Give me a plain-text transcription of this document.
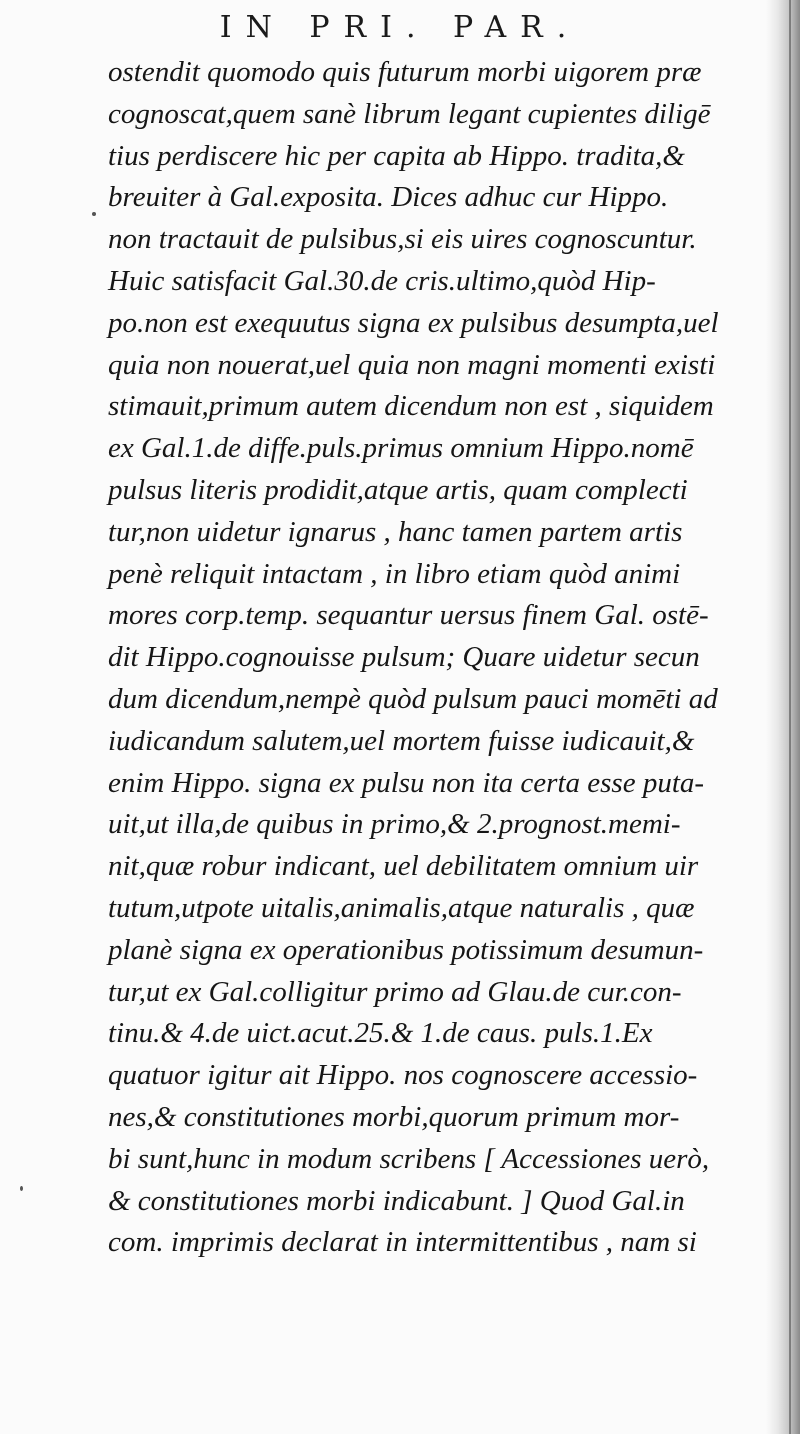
IN PRI. PAR.
ostendit quomodo quis futurum morbi uigorem præ
cognoscat,quem sanè librum legant cupientes diligē
tius perdiscere hic per capita ab Hippo. tradita,&
breuiter à Gal.exposita. Dices adhuc cur Hippo.
non tractauit de pulsibus,si eis uires cognoscuntur.
Huic satisfacit Gal.30.de cris.ultimo,quòd Hip-
po.non est exequutus signa ex pulsibus desumpta,uel
quia non nouerat,uel quia non magni momenti existi
stimauit,primum autem dicendum non est , siquidem
ex Gal.1.de diffe.puls.primus omnium Hippo.nomē
pulsus literis prodidit,atque artis, quam complecti
tur,non uidetur ignarus , hanc tamen partem artis
penè reliquit intactam , in libro etiam quòd animi
mores corp.temp. sequantur uersus finem Gal. ostē-
dit Hippo.cognouisse pulsum; Quare uidetur secun
dum dicendum,nempè quòd pulsum pauci momēti ad
iudicandum salutem,uel mortem fuisse iudicauit,&
enim Hippo. signa ex pulsu non ita certa esse puta-
uit,ut illa,de quibus in primo,& 2.prognost.memi-
nit,quæ robur indicant, uel debilitatem omnium uir
tutum,utpote uitalis,animalis,atque naturalis , quæ
planè signa ex operationibus potissimum desumun-
tur,ut ex Gal.colligitur primo ad Glau.de cur.con-
tinu.& 4.de uict.acut.25.& 1.de caus. puls.1.Ex
quatuor igitur ait Hippo. nos cognoscere accessio-
nes,& constitutiones morbi,quorum primum mor-
bi sunt,hunc in modum scribens [ Accessiones uerò,
& constitutiones morbi indicabunt. ] Quod Gal.in
com. imprimis declarat in intermittentibus , nam si
